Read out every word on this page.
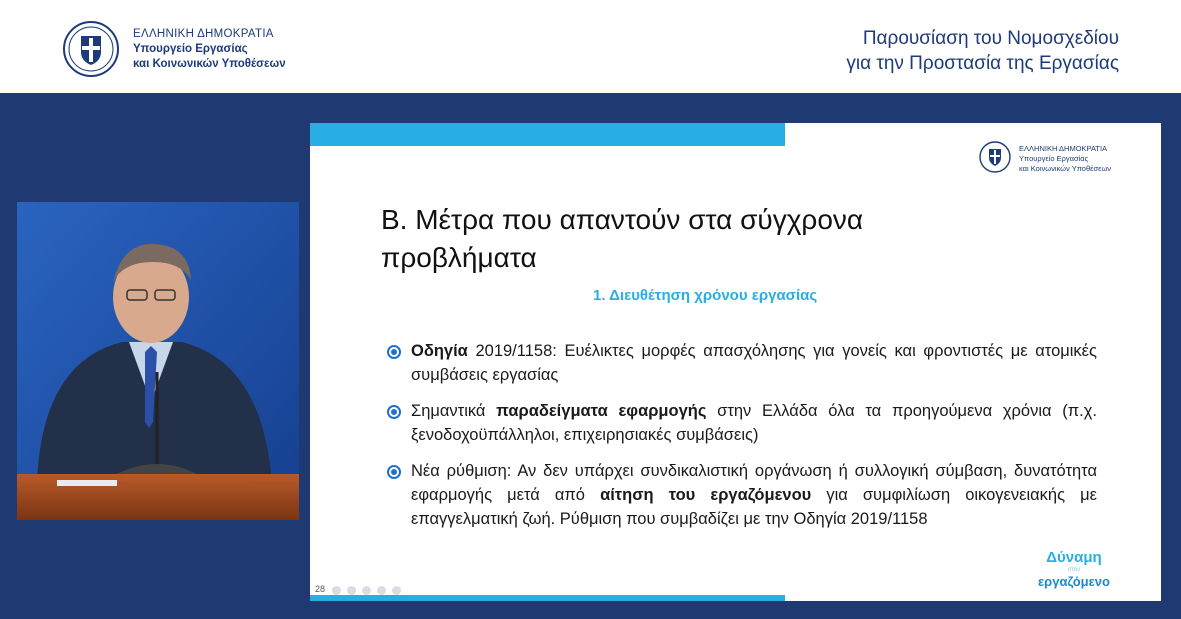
ΕΛΛΗΝΙΚΗ ΔΗΜΟΚΡΑΤΙΑ
Υπουργείο Εργασίας
και Κοινωνικών Υποθέσεων
Παρουσίαση του Νομοσχεδίου
για την Προστασία της Εργασίας
ΕΛΛΗΝΙΚΗ ΔΗΜΟΚΡΑΤΙΑ
Υπουργείο Εργασίας
και Κοινωνικών Υποθέσεων
Β. Μέτρα που απαντούν στα σύγχρονα
προβλήματα
1. Διευθέτηση χρόνου εργασίας
Οδηγία 2019/1158: Ευέλικτες μορφές απασχόλησης για γονείς και φροντιστές με ατομικές συμβάσεις εργασίας
Σημαντικά παραδείγματα εφαρμογής στην Ελλάδα όλα τα προηγούμενα χρόνια (π.χ. ξενοδοχοϋπάλληλοι, επιχειρησιακές συμβάσεις)
Νέα ρύθμιση: Αν δεν υπάρχει συνδικαλιστική οργάνωση ή συλλογική σύμβαση, δυνατότητα εφαρμογής μετά από αίτηση του εργαζόμενου για συμφιλίωση οικογενειακής με επαγγελματική ζωή. Ρύθμιση που συμβαδίζει με την Οδηγία 2019/1158
28
Δύναμη
στον
εργαζόμενο
